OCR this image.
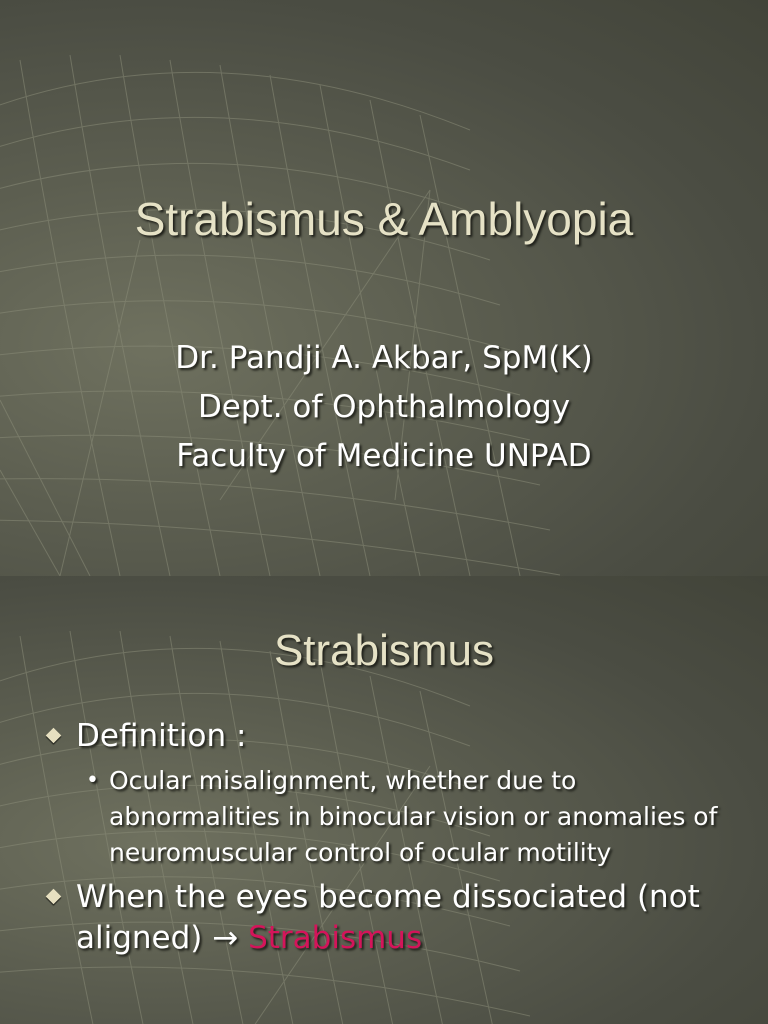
Strabismus & Amblyopia
Dr. Pandji A. Akbar, SpM(K)
Dept. of Ophthalmology
Faculty of Medicine UNPAD
Strabismus
Definition :
• Ocular misalignment, whether due to abnormalities in binocular vision or anomalies of neuromuscular control of ocular motility
When the eyes become dissociated (not aligned) → Strabismus
